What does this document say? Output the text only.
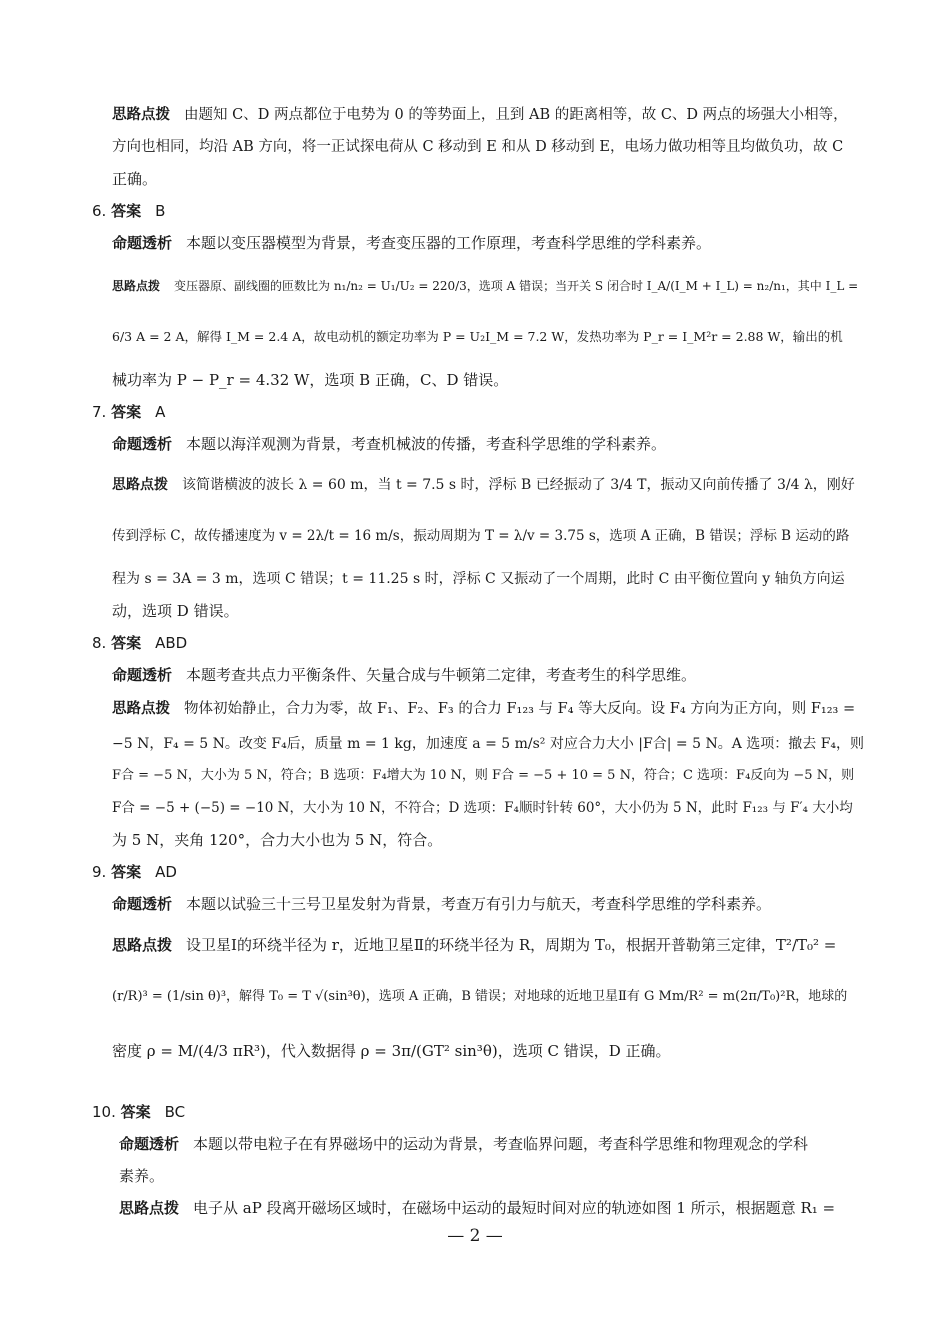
思路点拨 由题知 C、D 两点都位于电势为 0 的等势面上，且到 AB 的距离相等，故 C、D 两点的场强大小相等，
方向也相同，均沿 AB 方向，将一正试探电荷从 C 移动到 E 和从 D 移动到 E，电场力做功相等且均做负功，故 C
正确。
6. 答案 B
命题透析 本题以变压器模型为背景，考查变压器的工作原理，考查科学思维的学科素养。
思路点拨 变压器原、副线圈的匝数比为 n₁/n₂ = U₁/U₂ = 220/3，选项 A 错误；当开关 S 闭合时 I_A/(I_M + I_L) = n₂/n₁，其中 I_L =
6/3 A = 2 A，解得 I_M = 2.4 A，故电动机的额定功率为 P = U₂I_M = 7.2 W，发热功率为 P_r = I_M²r = 2.88 W，输出的机
械功率为 P − P_r = 4.32 W，选项 B 正确，C、D 错误。
7. 答案 A
命题透析 本题以海洋观测为背景，考查机械波的传播，考查科学思维的学科素养。
思路点拨 该简谐横波的波长 λ = 60 m，当 t = 7.5 s 时，浮标 B 已经振动了 3/4 T，振动又向前传播了 3/4 λ，刚好
传到浮标 C，故传播速度为 v = 2λ/t = 16 m/s，振动周期为 T = λ/v = 3.75 s，选项 A 正确，B 错误；浮标 B 运动的路
程为 s = 3A = 3 m，选项 C 错误；t = 11.25 s 时，浮标 C 又振动了一个周期，此时 C 由平衡位置向 y 轴负方向运
动，选项 D 错误。
8. 答案 ABD
命题透析 本题考查共点力平衡条件、矢量合成与牛顿第二定律，考查考生的科学思维。
思路点拨 物体初始静止，合力为零，故 F₁、F₂、F₃ 的合力 F₁₂₃ 与 F₄ 等大反向。设 F₄ 方向为正方向，则 F₁₂₃ =
−5 N，F₄ = 5 N。改变 F₄后，质量 m = 1 kg，加速度 a = 5 m/s² 对应合力大小 |F合| = 5 N。A 选项：撤去 F₄，则
F合 = −5 N，大小为 5 N，符合；B 选项：F₄增大为 10 N，则 F合 = −5 + 10 = 5 N，符合；C 选项：F₄反向为 −5 N，则
F合 = −5 + (−5) = −10 N，大小为 10 N，不符合；D 选项：F₄顺时针转 60°，大小仍为 5 N，此时 F₁₂₃ 与 F′₄ 大小均
为 5 N，夹角 120°，合力大小也为 5 N，符合。
9. 答案 AD
命题透析 本题以试验三十三号卫星发射为背景，考查万有引力与航天，考查科学思维的学科素养。
思路点拨 设卫星Ⅰ的环绕半径为 r，近地卫星Ⅱ的环绕半径为 R，周期为 T₀，根据开普勒第三定律，T²/T₀² =
(r/R)³ = (1/sin θ)³，解得 T₀ = T √(sin³θ)，选项 A 正确，B 错误；对地球的近地卫星Ⅱ有 G Mm/R² = m(2π/T₀)²R，地球的
密度 ρ = M/(4/3 πR³)，代入数据得 ρ = 3π/(GT² sin³θ)，选项 C 错误，D 正确。
10. 答案 BC
命题透析 本题以带电粒子在有界磁场中的运动为背景，考查临界问题，考查科学思维和物理观念的学科
素养。
思路点拨 电子从 aP 段离开磁场区域时，在磁场中运动的最短时间对应的轨迹如图 1 所示，根据题意 R₁ =
— 2 —
